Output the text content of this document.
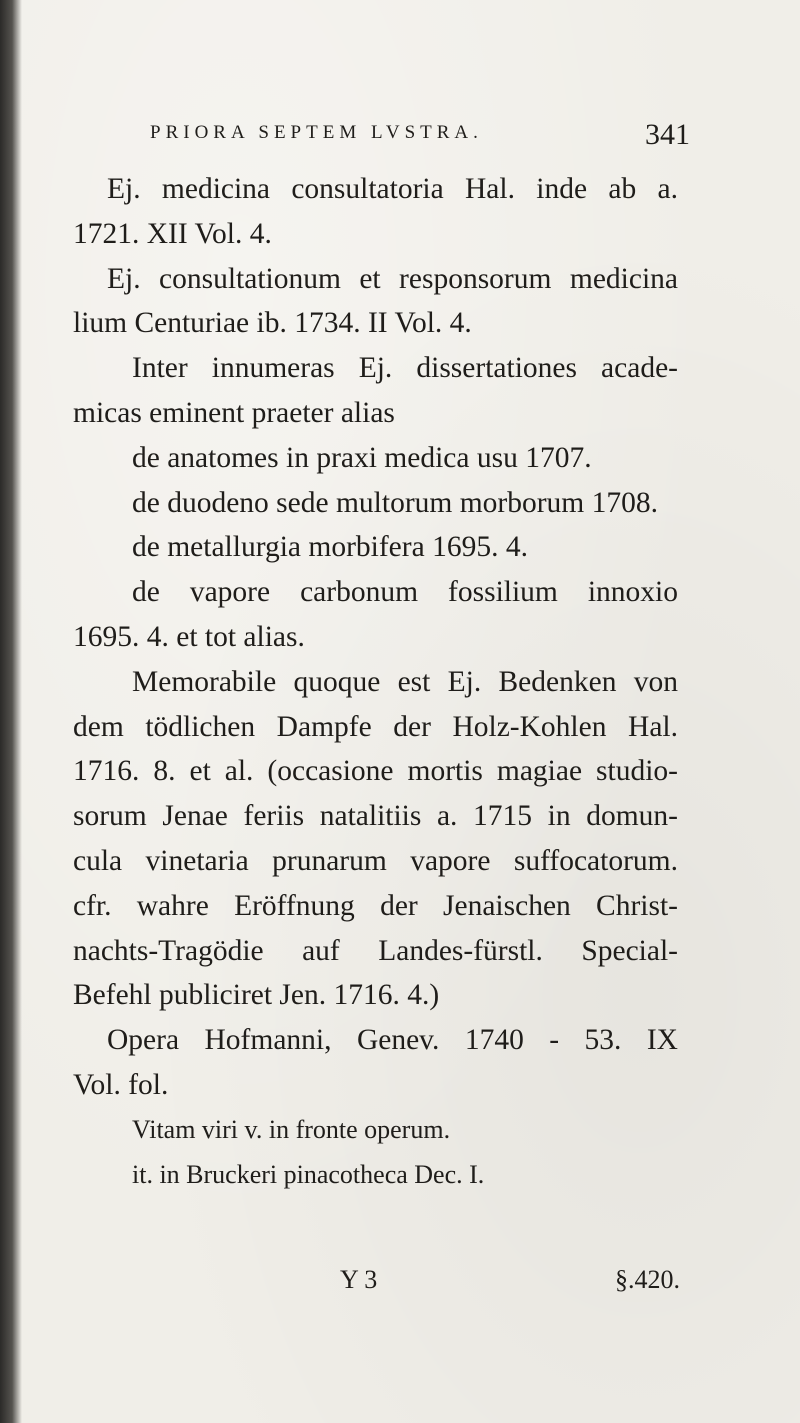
PRIORA SEPTEM LVSTRA.	341
Ej. medicina consultatoria Hal. inde ab a.
1721. XII Vol. 4.
Ej. consultationum et responsorum medicina
lium Centuriae ib. 1734. II Vol. 4.
Inter innumeras Ej. dissertationes acade-
micas eminent praeter alias
de anatomes in praxi medica usu 1707.
de duodeno sede multorum morborum 1708.
de metallurgia morbifera 1695. 4.
de vapore carbonum fossilium innoxio
1695. 4. et tot alias.
Memorabile quoque est Ej. Bedenken von
dem tödlichen Dampfe der Holz-Kohlen Hal.
1716. 8. et al. (occasione mortis magiae studio-
sorum Jenae feriis natalitiis a. 1715 in domun-
cula vinetaria prunarum vapore suffocatorum.
cfr. wahre Eröffnung der Jenaischen Christ-
nachts-Tragödie auf Landes-fürstl. Special-
Befehl publiciret Jen. 1716. 4.)
Opera Hofmanni, Genev. 1740 - 53. IX
Vol. fol.
Vitam viri v. in fronte operum.
it. in Bruckeri pinacotheca Dec. I.
Y 3	§.420.
